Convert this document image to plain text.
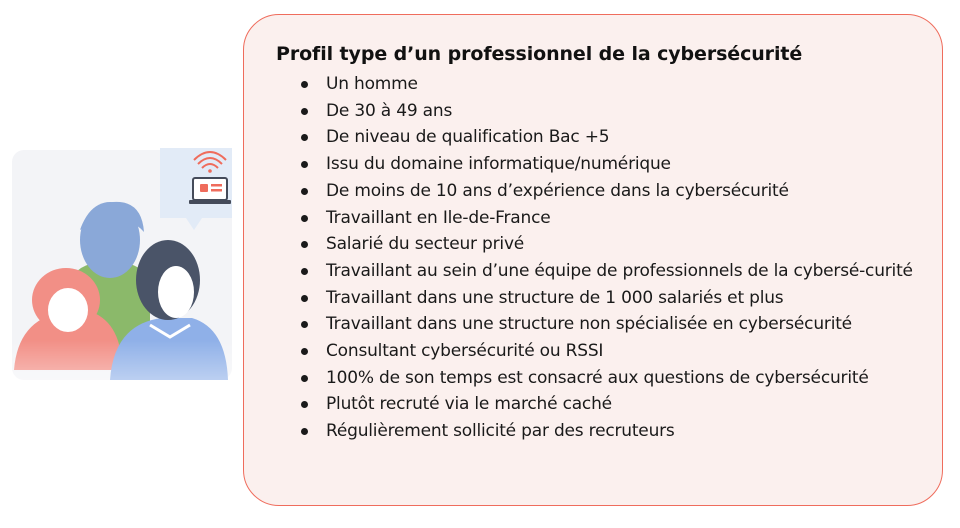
Profil type d’un professionnel de la cybersécurité
Un homme
De 30 à 49 ans
De niveau de qualification Bac +5
Issu du domaine informatique/numérique
De moins de 10 ans d’expérience dans la cybersécurité
Travaillant en Ile-de-France
Salarié du secteur privé
Travaillant au sein d’une équipe de professionnels de la cybersé-curité
Travaillant dans une structure de 1 000 salariés et plus
Travaillant dans une structure non spécialisée en cybersécurité
Consultant cybersécurité ou RSSI
100% de son temps est consacré aux questions de cybersécurité
Plutôt recruté via le marché caché
Régulièrement sollicité par des recruteurs
